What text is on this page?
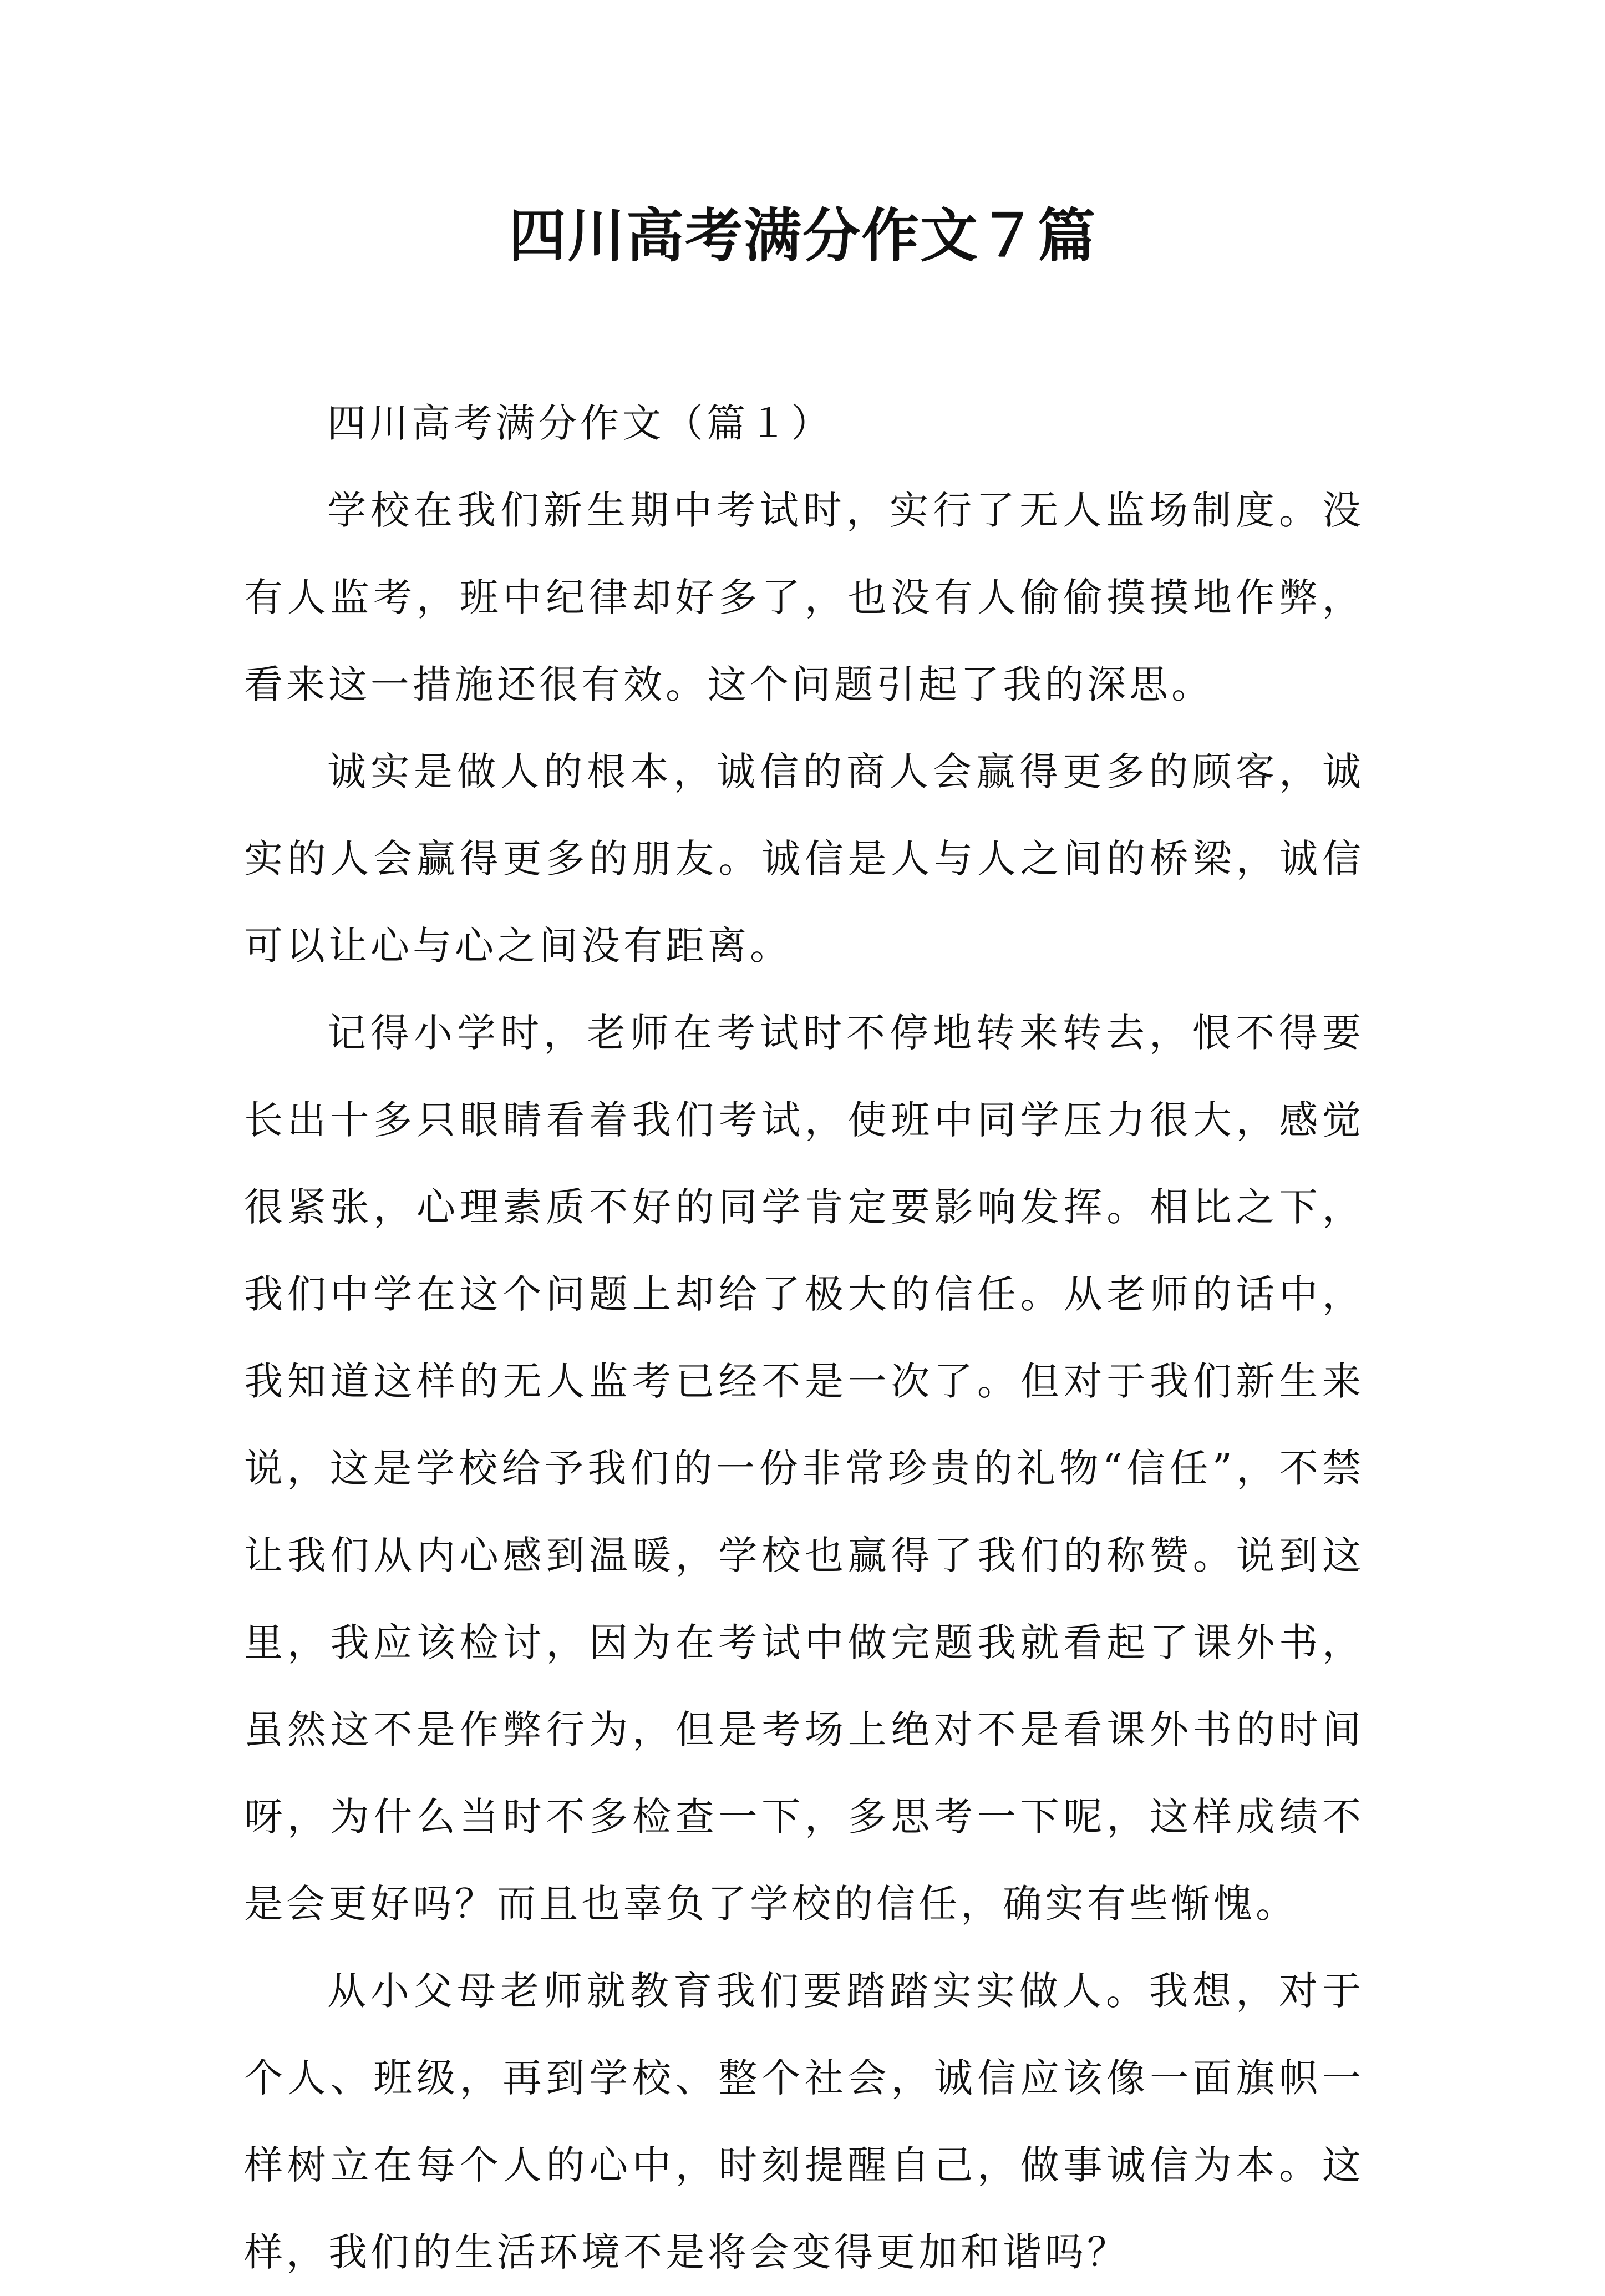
四川高考满分作文７篇

四川高考满分作文（篇１）

学校在我们新生期中考试时，实行了无人监场制度。没有人监考，班中纪律却好多了，也没有人偷偷摸摸地作弊，看来这一措施还很有效。这个问题引起了我的深思。

诚实是做人的根本，诚信的商人会赢得更多的顾客，诚实的人会赢得更多的朋友。诚信是人与人之间的桥梁，诚信可以让心与心之间没有距离。

记得小学时，老师在考试时不停地转来转去，恨不得要长出十多只眼睛看着我们考试，使班中同学压力很大，感觉很紧张，心理素质不好的同学肯定要影响发挥。相比之下，我们中学在这个问题上却给了极大的信任。从老师的话中，我知道这样的无人监考已经不是一次了。但对于我们新生来说，这是学校给予我们的一份非常珍贵的礼物“信任”，不禁让我们从内心感到温暖，学校也赢得了我们的称赞。说到这里，我应该检讨，因为在考试中做完题我就看起了课外书，虽然这不是作弊行为，但是考场上绝对不是看课外书的时间呀，为什么当时不多检查一下，多思考一下呢，这样成绩不是会更好吗？而且也辜负了学校的信任，确实有些惭愧。

从小父母老师就教育我们要踏踏实实做人。我想，对于个人、班级，再到学校、整个社会，诚信应该像一面旗帜一样树立在每个人的心中，时刻提醒自己，做事诚信为本。这样，我们的生活环境不是将会变得更加和谐吗？
